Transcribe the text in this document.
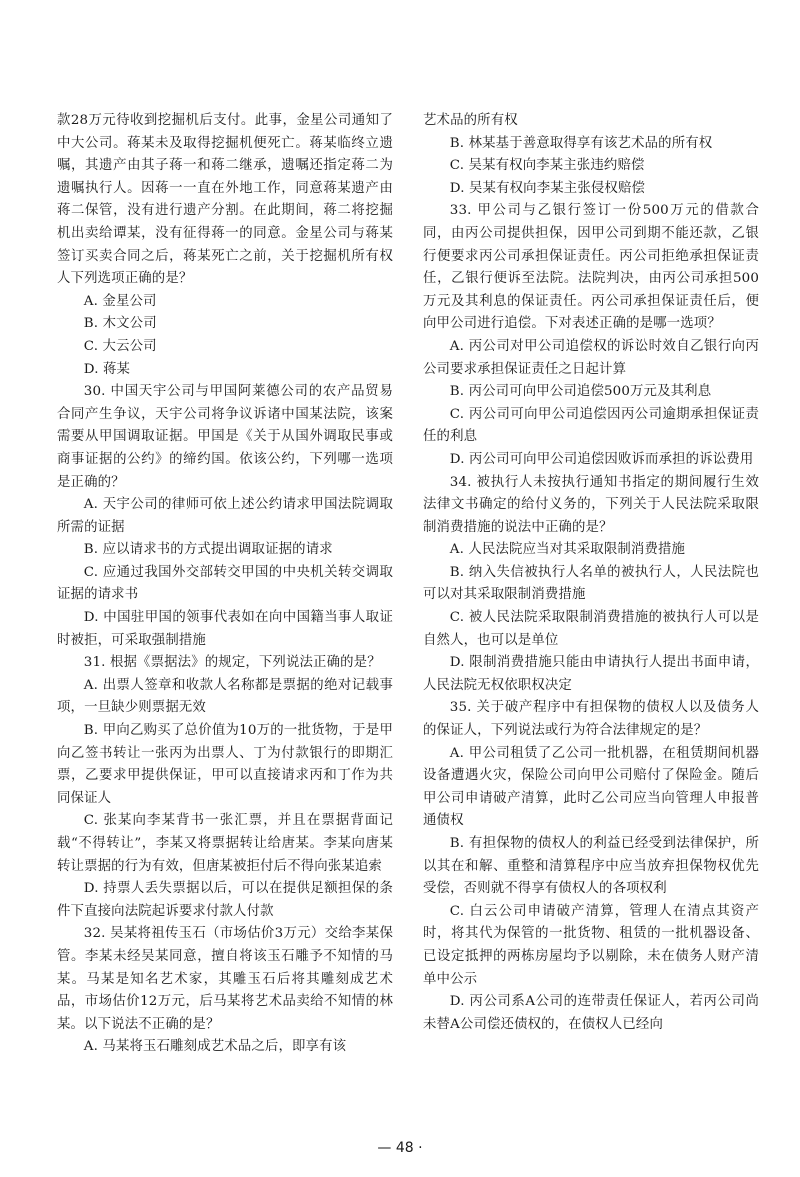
款28万元待收到挖掘机后支付。此事，金星公司通知了中大公司。蒋某未及取得挖掘机便死亡。蒋某临终立遗嘱，其遗产由其子蒋一和蒋二继承，遗嘱还指定蒋二为遗嘱执行人。因蒋一一直在外地工作，同意蒋某遗产由蒋二保管，没有进行遗产分割。在此期间，蒋二将挖掘机出卖给谭某，没有征得蒋一的同意。金星公司与蒋某签订买卖合同之后，蒋某死亡之前，关于挖掘机所有权人下列选项正确的是？

A. 金星公司

B. 木文公司

C. 大云公司

D. 蒋某

30. 中国天宇公司与甲国阿莱德公司的农产品贸易合同产生争议，天宇公司将争议诉诸中国某法院，该案需要从甲国调取证据。甲国是《关于从国外调取民事或商事证据的公约》的缔约国。依该公约，下列哪一选项是正确的？

A. 天宇公司的律师可依上述公约请求甲国法院调取所需的证据

B. 应以请求书的方式提出调取证据的请求

C. 应通过我国外交部转交甲国的中央机关转交调取证据的请求书

D. 中国驻甲国的领事代表如在向中国籍当事人取证时被拒，可采取强制措施

31. 根据《票据法》的规定，下列说法正确的是？

A. 出票人签章和收款人名称都是票据的绝对记载事项，一旦缺少则票据无效

B. 甲向乙购买了总价值为10万的一批货物，于是甲向乙签书转让一张丙为出票人、丁为付款银行的即期汇票，乙要求甲提供保证，甲可以直接请求丙和丁作为共同保证人

C. 张某向李某背书一张汇票，并且在票据背面记载“不得转让”，李某又将票据转让给唐某。李某向唐某转让票据的行为有效，但唐某被拒付后不得向张某追索

D. 持票人丢失票据以后，可以在提供足额担保的条件下直接向法院起诉要求付款人付款

32. 吴某将祖传玉石（市场估价3万元）交给李某保管。李某未经吴某同意，擅自将该玉石雕予不知情的马某。马某是知名艺术家，其雕玉石后将其雕刻成艺术品，市场估价12万元，后马某将艺术品卖给不知情的林某。以下说法不正确的是？

A. 马某将玉石雕刻成艺术品之后，即享有该

艺术品的所有权

B. 林某基于善意取得享有该艺术品的所有权

C. 吴某有权向李某主张违约赔偿

D. 吴某有权向李某主张侵权赔偿

33. 甲公司与乙银行签订一份500万元的借款合同，由丙公司提供担保，因甲公司到期不能还款，乙银行便要求丙公司承担保证责任。丙公司拒绝承担保证责任，乙银行便诉至法院。法院判决，由丙公司承担500万元及其利息的保证责任。丙公司承担保证责任后，便向甲公司进行追偿。下对表述正确的是哪一选项？

A. 丙公司对甲公司追偿权的诉讼时效自乙银行向丙公司要求承担保证责任之日起计算

B. 丙公司可向甲公司追偿500万元及其利息

C. 丙公司可向甲公司追偿因丙公司逾期承担保证责任的利息

D. 丙公司可向甲公司追偿因败诉而承担的诉讼费用

34. 被执行人未按执行通知书指定的期间履行生效法律文书确定的给付义务的，下列关于人民法院采取限制消费措施的说法中正确的是？

A. 人民法院应当对其采取限制消费措施

B. 纳入失信被执行人名单的被执行人，人民法院也可以对其采取限制消费措施

C. 被人民法院采取限制消费措施的被执行人可以是自然人，也可以是单位

D. 限制消费措施只能由申请执行人提出书面申请，人民法院无权依职权决定

35. 关于破产程序中有担保物的债权人以及债务人的保证人，下列说法或行为符合法律规定的是？

A. 甲公司租赁了乙公司一批机器，在租赁期间机器设备遭遇火灾，保险公司向甲公司赔付了保险金。随后甲公司申请破产清算，此时乙公司应当向管理人申报普通债权

B. 有担保物的债权人的利益已经受到法律保护，所以其在和解、重整和清算程序中应当放弃担保物权优先受偿，否则就不得享有债权人的各项权利

C. 白云公司申请破产清算，管理人在清点其资产时，将其代为保管的一批货物、租赁的一批机器设备、已设定抵押的两栋房屋均予以剔除，未在债务人财产清单中公示

D. 丙公司系A公司的连带责任保证人，若丙公司尚未替A公司偿还债权的，在债权人已经向

— 48 ·
